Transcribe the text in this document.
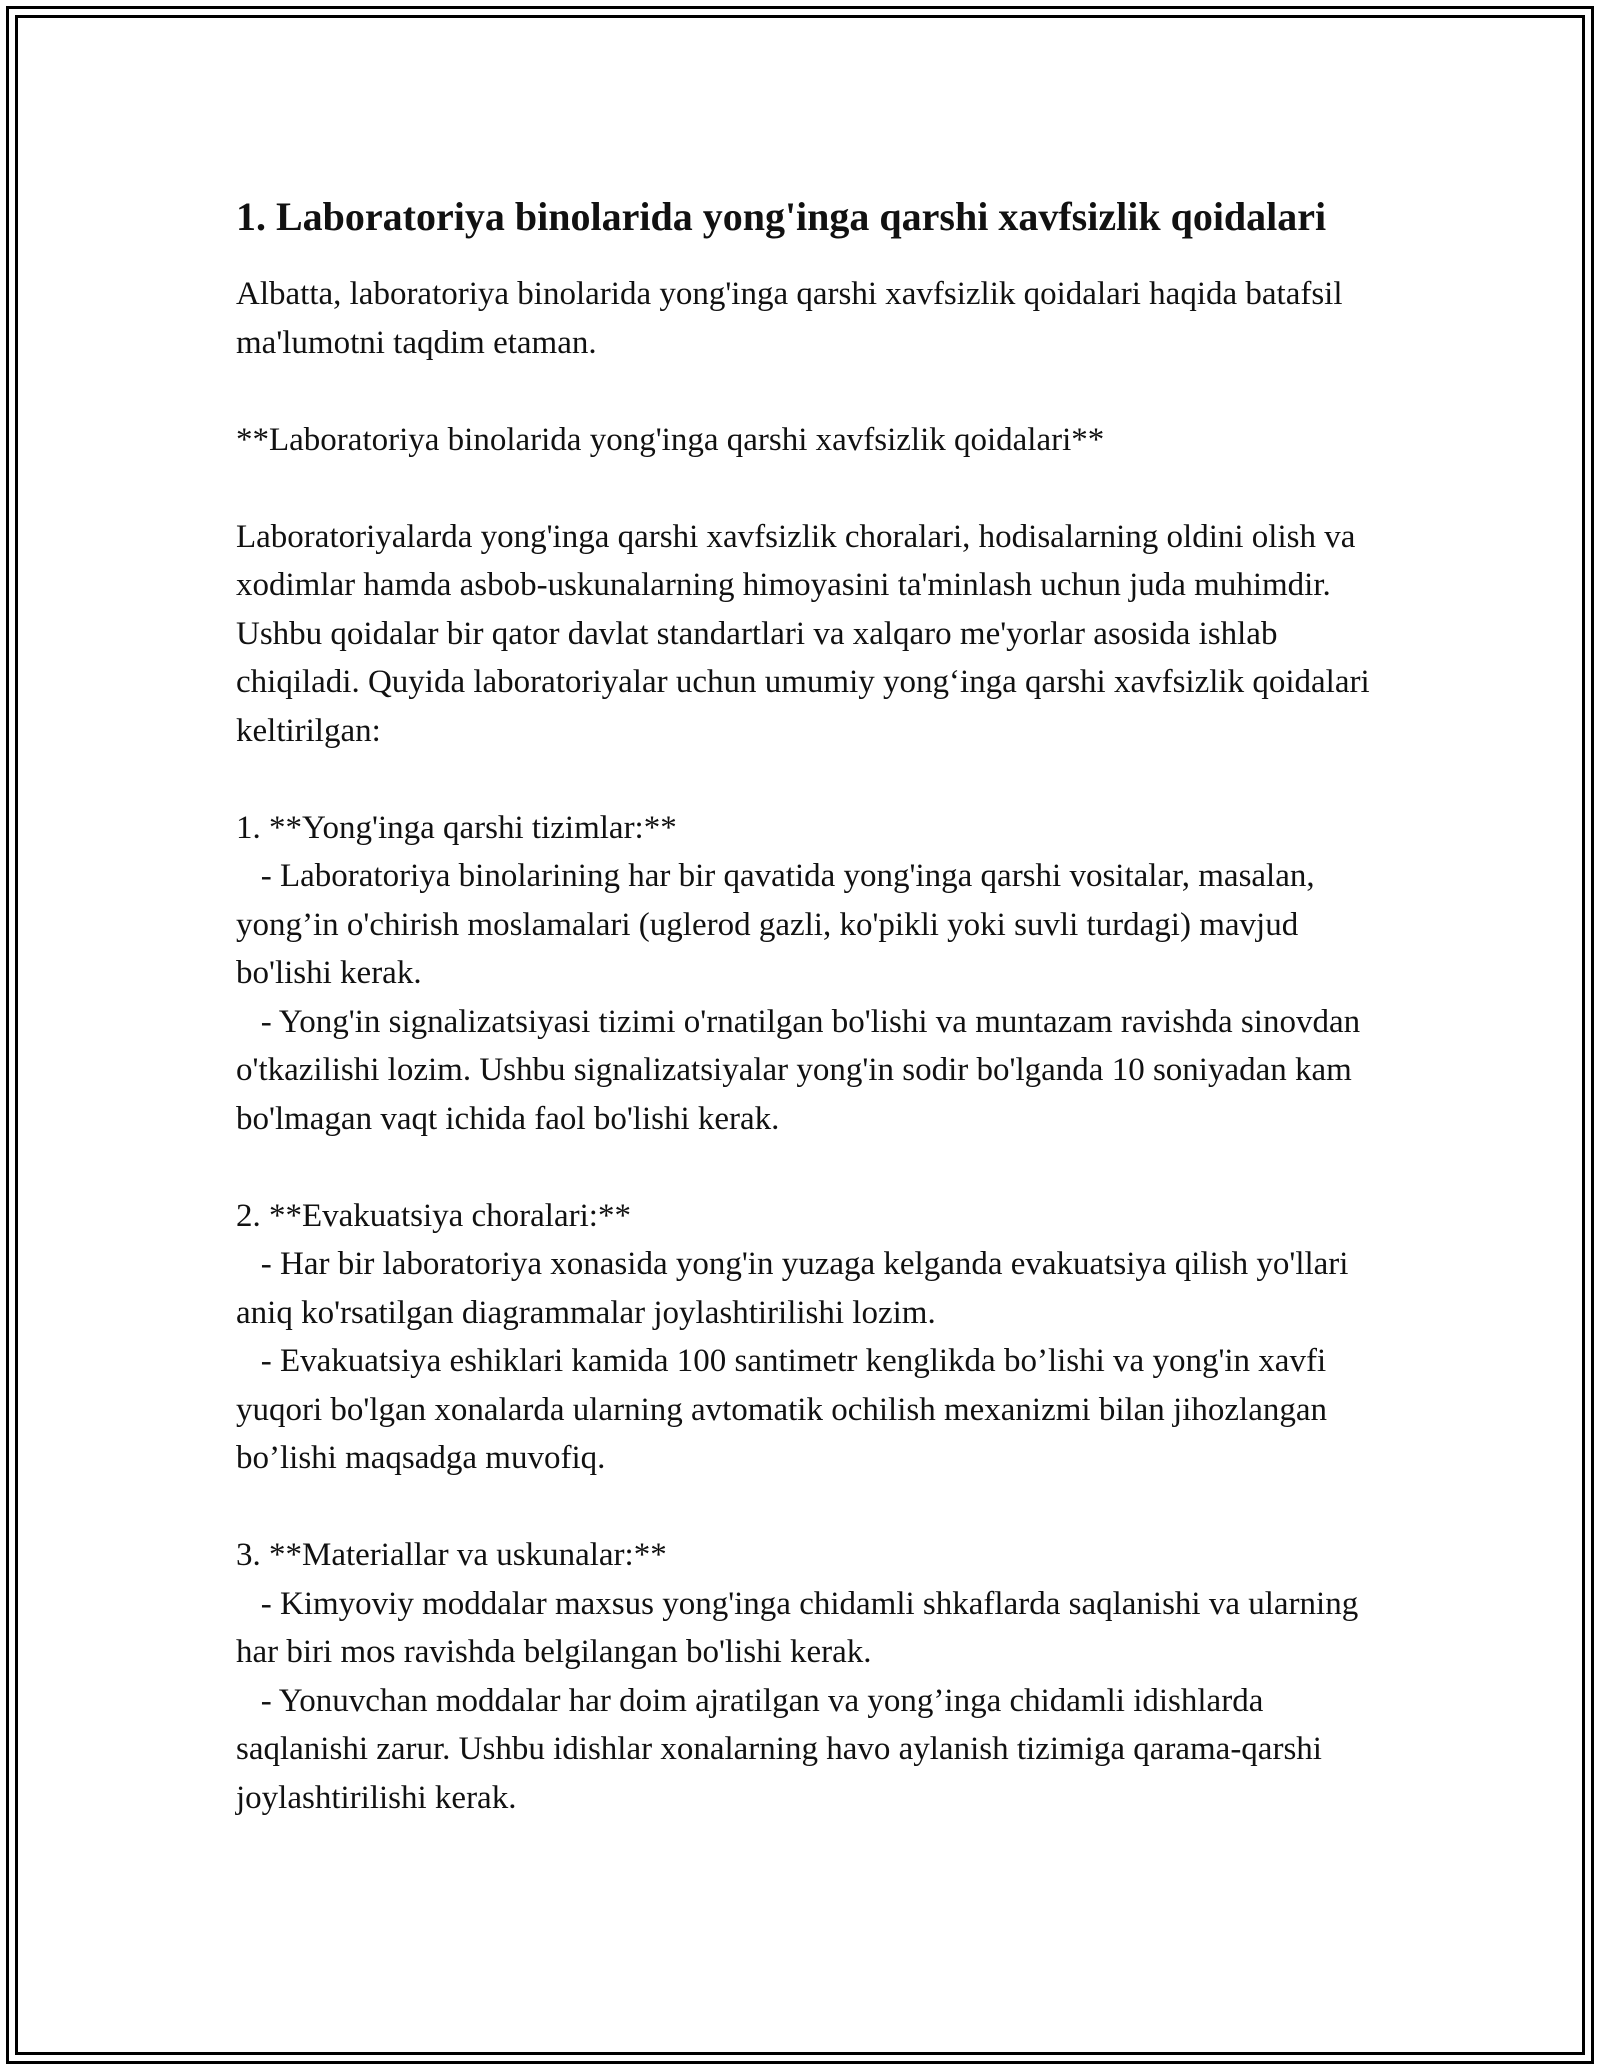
1. Laboratoriya binolarida yong'inga qarshi xavfsizlik qoidalari

Albatta, laboratoriya binolarida yong'inga qarshi xavfsizlik qoidalari haqida batafsil ma'lumotni taqdim etaman.

**Laboratoriya binolarida yong'inga qarshi xavfsizlik qoidalari**

Laboratoriyalarda yong'inga qarshi xavfsizlik choralari, hodisalarning oldini olish va xodimlar hamda asbob-uskunalarning himoyasini ta'minlash uchun juda muhimdir. Ushbu qoidalar bir qator davlat standartlari va xalqaro me'yorlar asosida ishlab chiqiladi. Quyida laboratoriyalar uchun umumiy yong‘inga qarshi xavfsizlik qoidalari keltirilgan:

1. **Yong'inga qarshi tizimlar:**

- Laboratoriya binolarining har bir qavatida yong'inga qarshi vositalar, masalan, yong’in o'chirish moslamalari (uglerod gazli, ko'pikli yoki suvli turdagi) mavjud bo'lishi kerak.

- Yong'in signalizatsiyasi tizimi o'rnatilgan bo'lishi va muntazam ravishda sinovdan o'tkazilishi lozim. Ushbu signalizatsiyalar yong'in sodir bo'lganda 10 soniyadan kam bo'lmagan vaqt ichida faol bo'lishi kerak.

2. **Evakuatsiya choralari:**

- Har bir laboratoriya xonasida yong'in yuzaga kelganda evakuatsiya qilish yo'llari aniq ko'rsatilgan diagrammalar joylashtirilishi lozim.

- Evakuatsiya eshiklari kamida 100 santimetr kenglikda bo’lishi va yong'in xavfi yuqori bo'lgan xonalarda ularning avtomatik ochilish mexanizmi bilan jihozlangan bo’lishi maqsadga muvofiq.

3. **Materiallar va uskunalar:**

- Kimyoviy moddalar maxsus yong'inga chidamli shkaflarda saqlanishi va ularning har biri mos ravishda belgilangan bo'lishi kerak.

- Yonuvchan moddalar har doim ajratilgan va yong’inga chidamli idishlarda saqlanishi zarur. Ushbu idishlar xonalarning havo aylanish tizimiga qarama-qarshi joylashtirilishi kerak.
